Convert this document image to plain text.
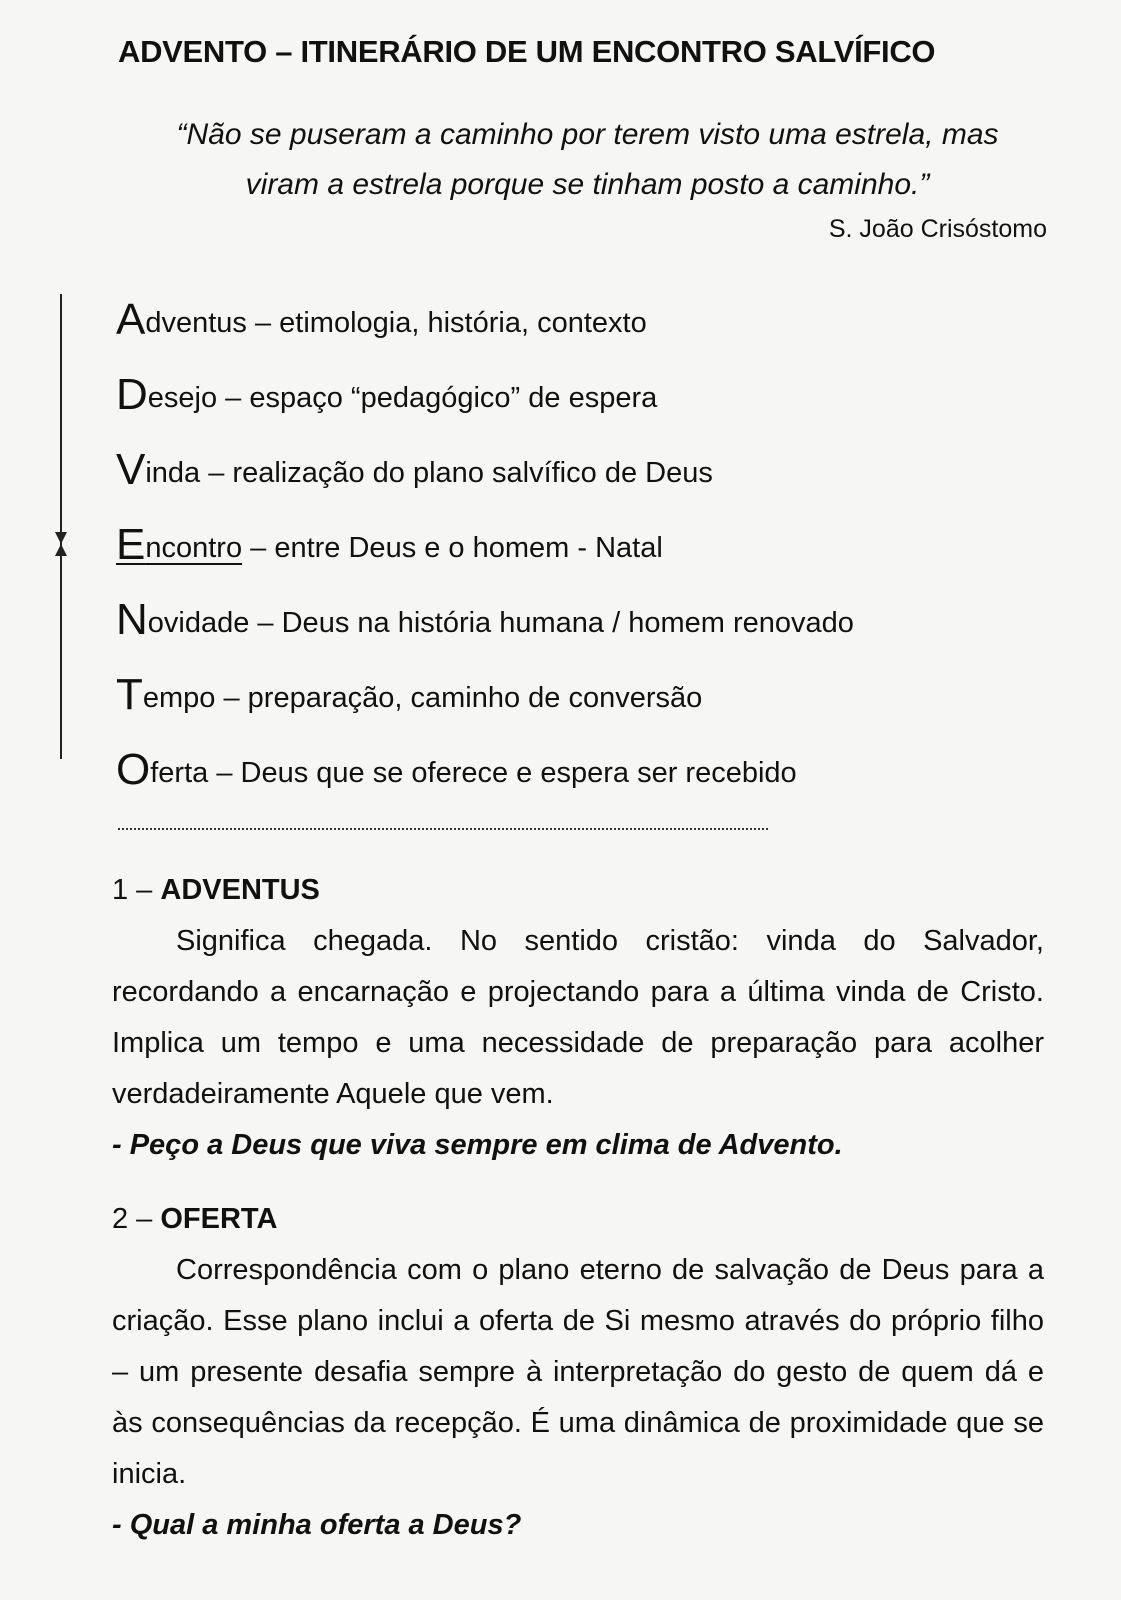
ADVENTO – ITINERÁRIO DE UM ENCONTRO SALVÍFICO
“Não se puseram a caminho por terem visto uma estrela, mas
viram a estrela porque se tinham posto a caminho.”
S. João Crisóstomo
Adventus – etimologia, história, contexto
Desejo – espaço “pedagógico” de espera
Vinda – realização do plano salvífico de Deus
Encontro – entre Deus e o homem - Natal
Novidade – Deus na história humana / homem renovado
Tempo – preparação, caminho de conversão
Oferta – Deus que se oferece e espera ser recebido
1 – ADVENTUS

Significa chegada. No sentido cristão: vinda do Salvador, recordando a encarnação e projectando para a última vinda de Cristo. Implica um tempo e uma necessidade de preparação para acolher verdadeiramente Aquele que vem.

- Peço a Deus que viva sempre em clima de Advento.
2 – OFERTA

Correspondência com o plano eterno de salvação de Deus para a criação. Esse plano inclui a oferta de Si mesmo através do próprio filho – um presente desafia sempre à interpretação do gesto de quem dá e às consequências da recepção. É uma dinâmica de proximidade que se inicia.

- Qual a minha oferta a Deus?
